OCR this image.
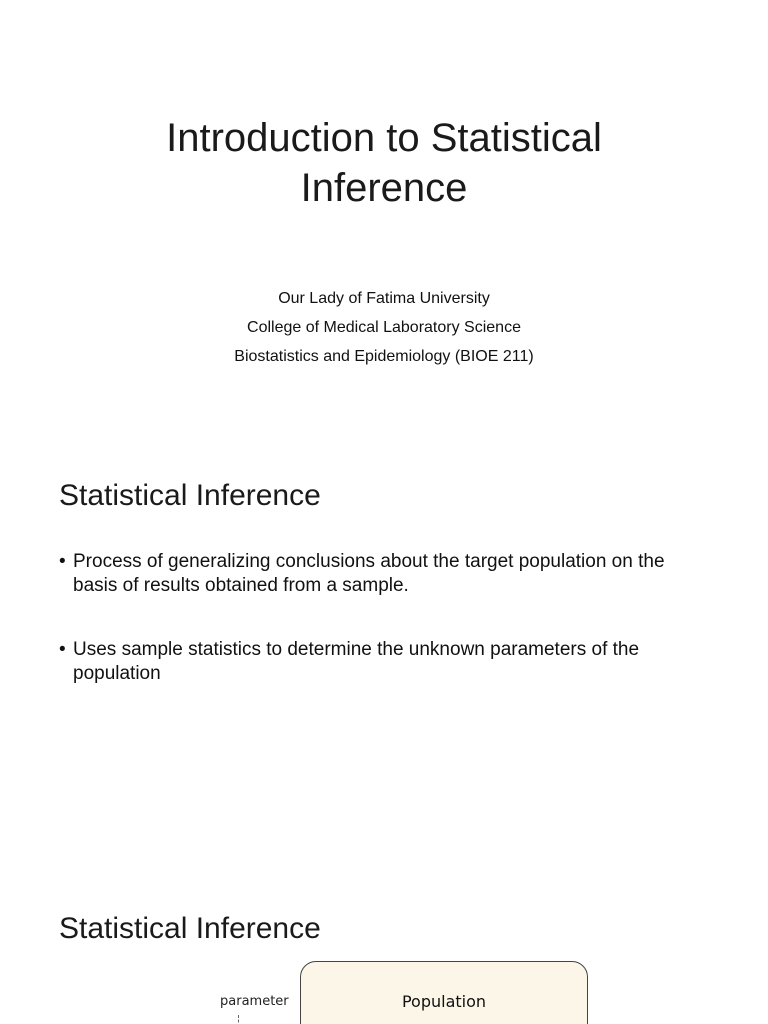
Introduction to Statistical Inference
Our Lady of Fatima University
College of Medical Laboratory Science
Biostatistics and Epidemiology (BIOE 211)
Statistical Inference
• Process of generalizing conclusions about the target population on the basis of results obtained from a sample.
• Uses sample statistics to determine the unknown parameters of the population
Statistical Inference
parameter	Population
